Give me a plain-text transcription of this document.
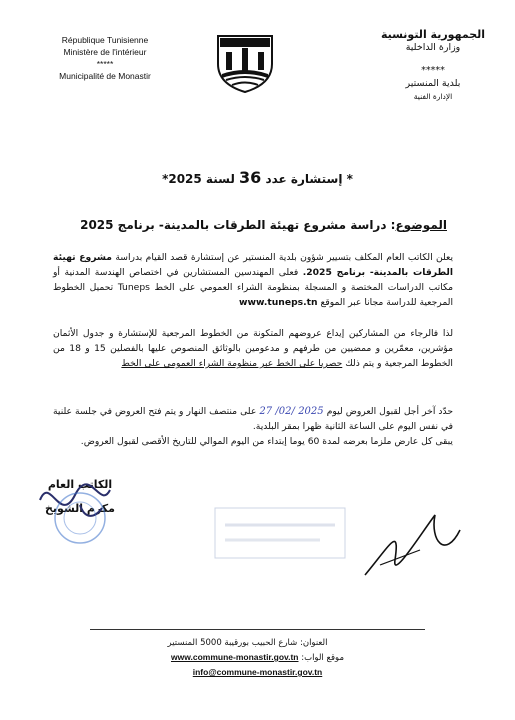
République Tunisienne
Ministère de l'intérieur
*****
Municipalité de Monastir
الجمهورية التونسية
وزارة الداخلية
*****
بلدية المنستير
الإدارة الفنية
* إستشارة عدد 36 لسنة 2025*
الموضوع: دراسة مشروع تهيئة الطرقات بالمدينة- برنامج 2025

يعلن الكاتب العام المكلف بتسيير شؤون بلدية المنستير عن إستشارة قصد القيام بدراسة مشروع تهيئة الطرقات بالمدينة- برنامج 2025. فعلى المهندسين المستشارين في اختصاص الهندسة المدنية أو مكاتب الدراسات المختصة و المسجلة بمنظومة الشراء العمومي على الخط Tuneps تحميل الخطوط المرجعية للدراسة مجانا عبر الموقع www.tuneps.tn

لذا فالرجاء من المشاركين إيداع عروضهم المتكونة من الخطوط المرجعية للإستشارة و جدول الأثمان مؤشرين، معمّرين و ممضيين من طرفهم و مدعومين بالوثائق المنصوص عليها بالفصلين 15 و 18 من الخطوط المرجعية و يتم ذلك حصريا على الخط عبر منظومة الشراء العمومي على الخط

حدّد آخر أجل لقبول العروض ليوم 2025 /02/ 27 على منتصف النهار و يتم فتح العروض في جلسة علنية في نفس اليوم على الساعة الثانية ظهرا بمقر البلدية.

يبقى كل عارض ملزما بعرضه لمدة 60 يوما إبتداء من اليوم الموالي للتاريخ الأقصى لقبول العروض.

الكاتب العام
مكرم الشويخ
العنوان: شارع الحبيب بورقيبة 5000 المنستير
موقع الواب: www.commune-monastir.gov.tn
info@commune-monastir.gov.tn
